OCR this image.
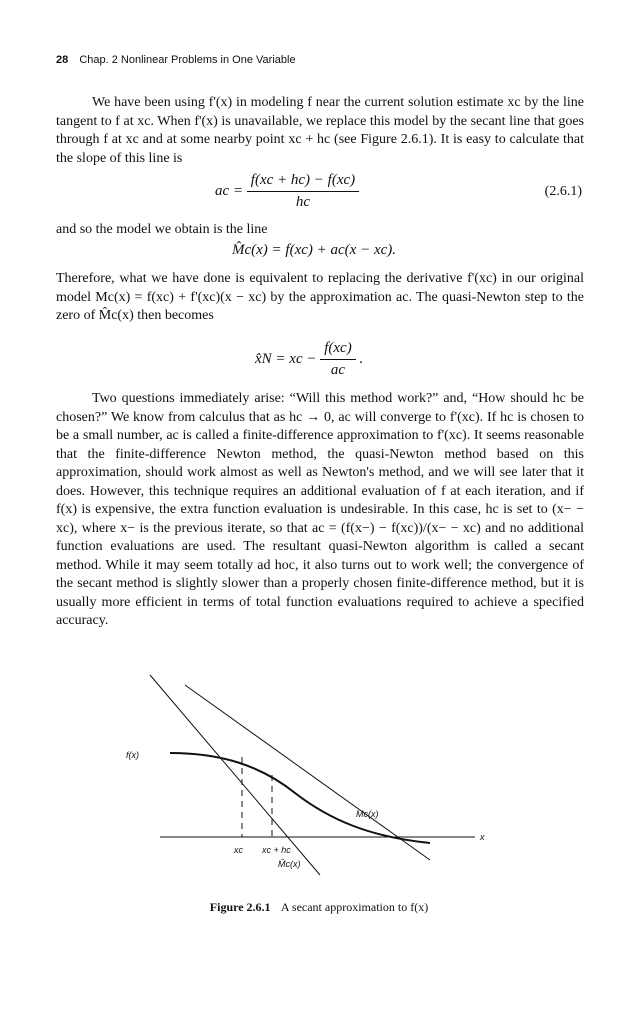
28 Chap. 2 Nonlinear Problems in One Variable
We have been using f'(x) in modeling f near the current solution estimate xc by the line tangent to f at xc. When f'(x) is unavailable, we replace this model by the secant line that goes through f at xc and at some nearby point xc + hc (see Figure 2.6.1). It is easy to calculate that the slope of this line is
ac = $\frac{f(xc + hc) - f(xc)}{hc}$	(2.6.1)
and so the model we obtain is the line
M̂c(x) = f(xc) + ac(x − xc).
Therefore, what we have done is equivalent to replacing the derivative f'(xc) in our original model Mc(x) = f(xc) + f'(xc)(x − xc) by the approximation ac. The quasi-Newton step to the zero of M̂c(x) then becomes
x̂N = xc − $\frac{f(xc)}{ac}$ .
Two questions immediately arise: “Will this method work?” and, “How should hc be chosen?” We know from calculus that as hc → 0, ac will converge to f'(xc). If hc is chosen to be a small number, ac is called a finite-difference approximation to f'(xc). It seems reasonable that the finite-difference Newton method, the quasi-Newton method based on this approximation, should work almost as well as Newton's method, and we will see later that it does. However, this technique requires an additional evaluation of f at each iteration, and if f(x) is expensive, the extra function evaluation is undesirable. In this case, hc is set to (x− − xc), where x− is the previous iterate, so that ac = (f(x−) − f(xc))/(x− − xc) and no additional function evaluations are used. The resultant quasi-Newton algorithm is called a secant method. While it may seem totally ad hoc, it also turns out to work well; the convergence of the secant method is slightly slower than a properly chosen finite-difference method, but it is usually more efficient in terms of total function evaluations required to achieve a specified accuracy.
f(x)
Mc(x)
M̂c(x)
xc xc + hc
x
Figure 2.6.1 A secant approximation to f(x)
